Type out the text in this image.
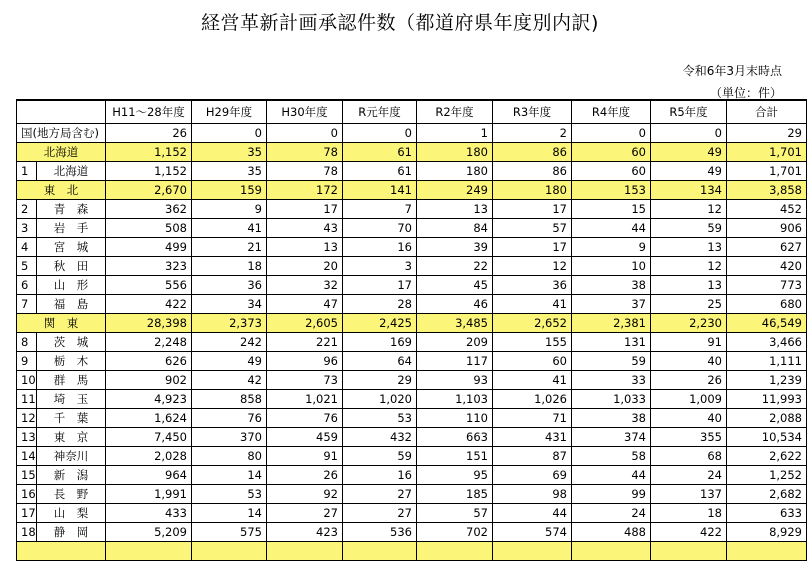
経営革新計画承認件数（都道府県年度別内訳)
令和6年3月末時点
（単位：件）
		H11～28年度	H29年度	H30年度	R元年度	R2年度	R3年度	R4年度	R5年度	合計
国(地方局含む)		26	0	0	0	1	2	0	0	29
北海道		1,152	35	78	61	180	86	60	49	1,701
1	北海道	1,152	35	78	61	180	86	60	49	1,701
東　北		2,670	159	172	141	249	180	153	134	3,858
2	青　森	362	9	17	7	13	17	15	12	452
3	岩　手	508	41	43	70	84	57	44	59	906
4	宮　城	499	21	13	16	39	17	9	13	627
5	秋　田	323	18	20	3	22	12	10	12	420
6	山　形	556	36	32	17	45	36	38	13	773
7	福　島	422	34	47	28	46	41	37	25	680
関　東		28,398	2,373	2,605	2,425	3,485	2,652	2,381	2,230	46,549
8	茨　城	2,248	242	221	169	209	155	131	91	3,466
9	栃　木	626	49	96	64	117	60	59	40	1,111
10	群　馬	902	42	73	29	93	41	33	26	1,239
11	埼　玉	4,923	858	1,021	1,020	1,103	1,026	1,033	1,009	11,993
12	千　葉	1,624	76	76	53	110	71	38	40	2,088
13	東　京	7,450	370	459	432	663	431	374	355	10,534
14	神奈川	2,028	80	91	59	151	87	58	68	2,622
15	新　潟	964	14	26	16	95	69	44	24	1,252
16	長　野	1,991	53	92	27	185	98	99	137	2,682
17	山　梨	433	14	27	27	57	44	24	18	633
18	静　岡	5,209	575	423	536	702	574	488	422	8,929
